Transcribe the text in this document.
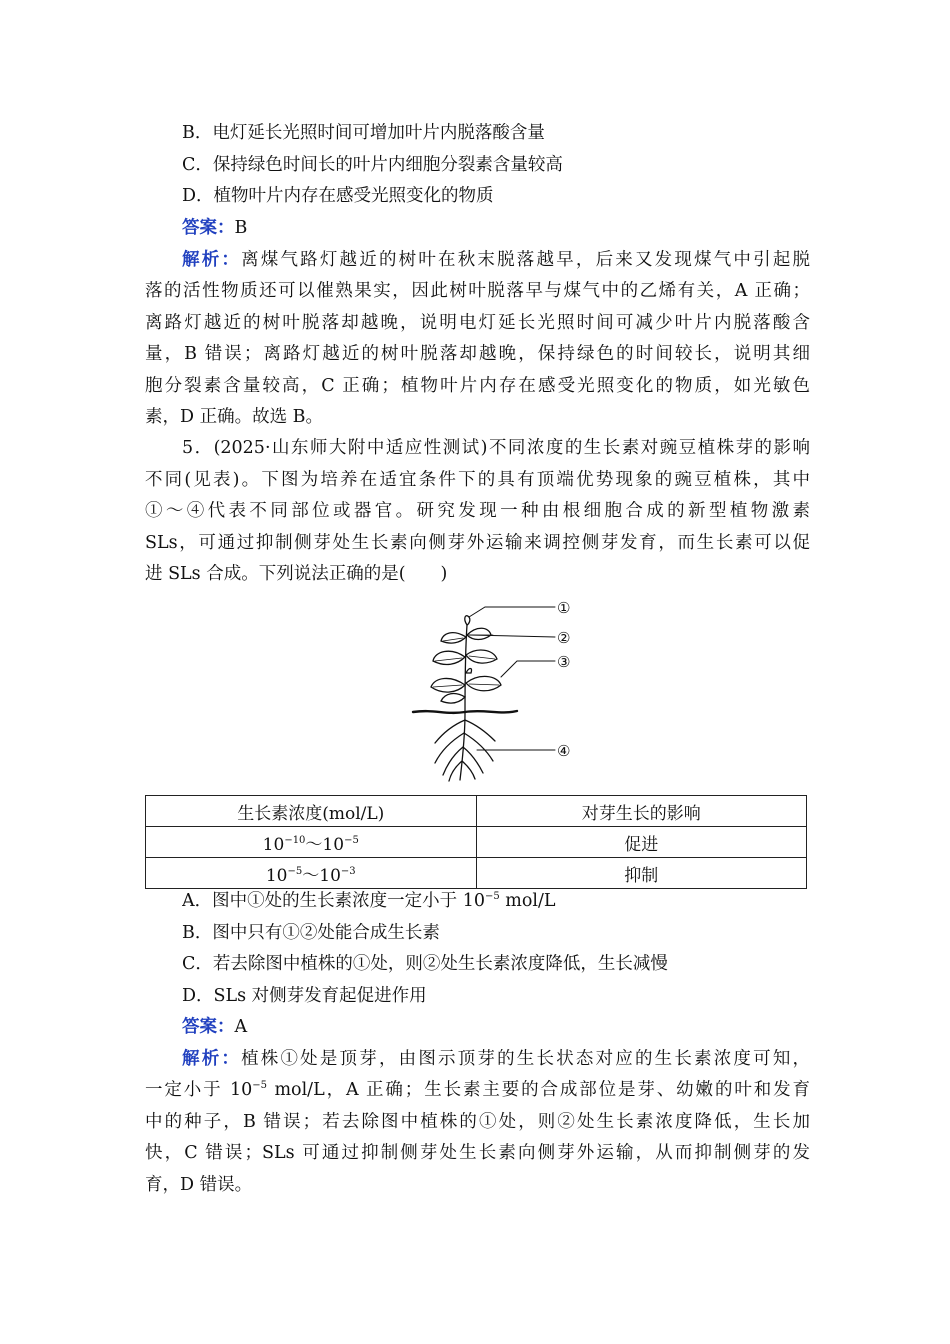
B．电灯延长光照时间可增加叶片内脱落酸含量
C．保持绿色时间长的叶片内细胞分裂素含量较高
D．植物叶片内存在感受光照变化的物质
答案：B
解析：离煤气路灯越近的树叶在秋末脱落越早，后来又发现煤气中引起脱
落的活性物质还可以催熟果实，因此树叶脱落早与煤气中的乙烯有关，A 正确；
离路灯越近的树叶脱落却越晚，说明电灯延长光照时间可减少叶片内脱落酸含
量，B 错误；离路灯越近的树叶脱落却越晚，保持绿色的时间较长，说明其细
胞分裂素含量较高，C 正确；植物叶片内存在感受光照变化的物质，如光敏色
素，D 正确。故选 B。
5．(2025·山东师大附中适应性测试)不同浓度的生长素对豌豆植株芽的影响
不同(见表)。下图为培养在适宜条件下的具有顶端优势现象的豌豆植株，其中
①～④代表不同部位或器官。研究发现一种由根细胞合成的新型植物激素
SLs，可通过抑制侧芽处生长素向侧芽外运输来调控侧芽发育，而生长素可以促
进 SLs 合成。下列说法正确的是(　　)
①
②
③
④
生长素浓度(mol/L)	对芽生长的影响
$10^{-10}\sim 10^{-5}$	促进
$10^{-5}\sim 10^{-3}$	抑制
A．图中①处的生长素浓度一定小于 $10^{-5}$ mol/L
B．图中只有①②处能合成生长素
C．若去除图中植株的①处，则②处生长素浓度降低，生长减慢
D．SLs 对侧芽发育起促进作用
答案：A
解析：植株①处是顶芽，由图示顶芽的生长状态对应的生长素浓度可知，
一定小于 $10^{-5}$ mol/L，A 正确；生长素主要的合成部位是芽、幼嫩的叶和发育
中的种子，B 错误；若去除图中植株的①处，则②处生长素浓度降低，生长加
快，C 错误；SLs 可通过抑制侧芽处生长素向侧芽外运输，从而抑制侧芽的发
育，D 错误。
